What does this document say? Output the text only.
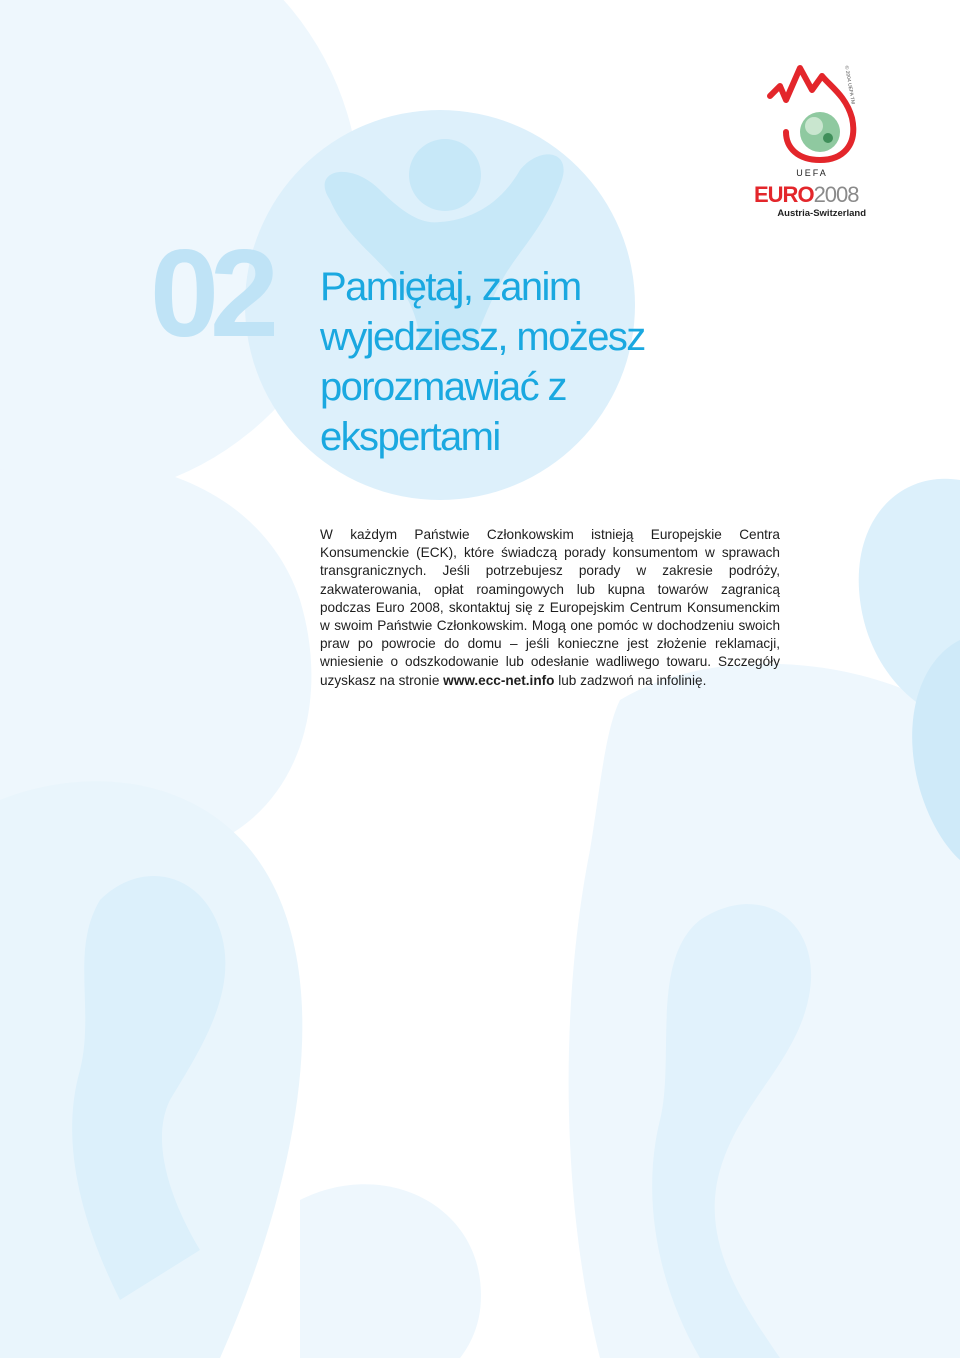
02 Pamiętaj, zanim
wyjedziesz, możesz
porozmawiać z
ekspertami

W każdym Państwie Członkowskim istnieją Europejskie Centra Konsumenckie (ECK), które świadczą porady konsumentom w sprawach transgranicznych. Jeśli potrzebujesz porady w zakresie podróży, zakwaterowania, opłat roamingowych lub kupna towarów zagranicą podczas Euro 2008, skontaktuj się z Europejskim Centrum Konsumenckim w swoim Państwie Członkowskim. Mogą one pomóc w dochodzeniu swoich praw po powrocie do domu – jeśli konieczne jest złożenie reklamacji, wniesienie o odszkodowanie lub odesłanie wadliwego towaru. Szczegóły uzyskasz na stronie www.ecc-net.info lub zadzwoń na infolinię.

© 2004 UEFA TM
UEFA
EURO2008
Austria-Switzerland
